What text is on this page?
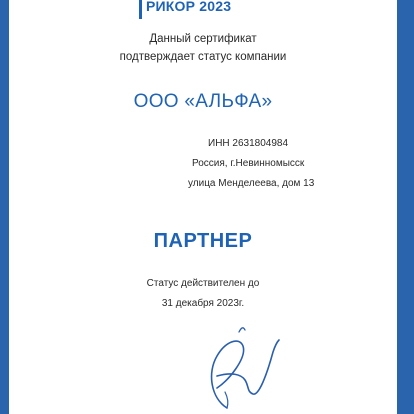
РИКОР 2023
Данный сертификат
подтверждает статус компании
ООО «АЛЬФА»
ИНН 2631804984
Россия, г.Невинномысск
улица Менделеева, дом 13
ПАРТНЕР
Статус действителен до
31 декабря 2023г.
